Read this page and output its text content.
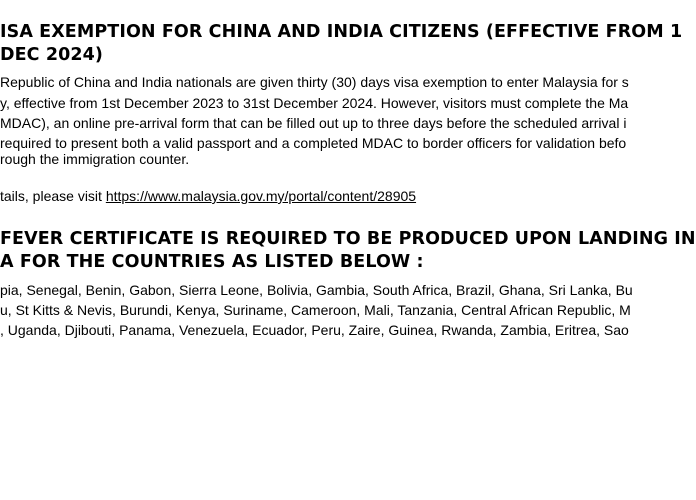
ISA EXEMPTION FOR CHINA AND INDIA CITIZENS (EFFECTIVE FROM 1
DEC 2024)
Republic of China and India nationals are given thirty (30) days visa exemption to enter Malaysia for s
y, effective from 1st December 2023 to 31st December 2024. However, visitors must complete the Ma
MDAC), an online pre-arrival form that can be filled out up to three days before the scheduled arrival i
required to present both a valid passport and a completed MDAC to border officers for validation befo
rough the immigration counter.
tails, please visit https://www.malaysia.gov.my/portal/content/28905
FEVER CERTIFICATE IS REQUIRED TO BE PRODUCED UPON LANDING IN
A FOR THE COUNTRIES AS LISTED BELOW :
pia, Senegal, Benin, Gabon, Sierra Leone, Bolivia, Gambia, South Africa, Brazil, Ghana, Sri Lanka, Bu
u, St Kitts & Nevis, Burundi, Kenya, Suriname, Cameroon, Mali, Tanzania, Central African Republic, M
, Uganda, Djibouti, Panama, Venezuela, Ecuador, Peru, Zaire, Guinea, Rwanda, Zambia, Eritrea, Sao
